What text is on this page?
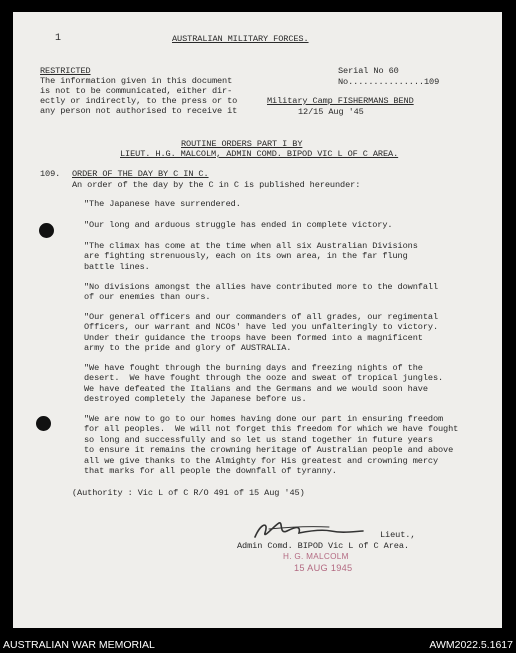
1	AUSTRALIAN MILITARY FORCES.
RESTRICTED
The information given in this document
is not to be communicated, either dir-
ectly or indirectly, to the press or to
any person not authorised to receive it
Serial No 60
No...............109
Military Camp FISHERMANS BEND
12/15 Aug '45
ROUTINE ORDERS PART I BY
LIEUT. H.G. MALCOLM, ADMIN COMD. BIPOD VIC L OF C AREA.
109. ORDER OF THE DAY BY C IN C.
An order of the day by the C in C is published hereunder:
"The Japanese have surrendered.
"Our long and arduous struggle has ended in complete victory.
"The climax has come at the time when all six Australian Divisions
are fighting strenuously, each on its own area, in the far flung
battle lines.
"No divisions amongst the allies have contributed more to the downfall
of our enemies than ours.
"Our general officers and our commanders of all grades, our regimental
Officers, our warrant and NCOs' have led you unfalteringly to victory.
Under their guidance the troops have been formed into a magnificent
army to the pride and glory of AUSTRALIA.
"We have fought through the burning days and freezing nights of the
desert.  We have fought through the ooze and sweat of tropical jungles.
We have defeated the Italians and the Germans and we would soon have
destroyed completely the Japanese before us.
"We are now to go to our homes having done our part in ensuring freedom
for all peoples.  We will not forget this freedom for which we have fought
so long and successfully and so let us stand together in future years
to ensure it remains the crowning heritage of Australian people and above
all we give thanks to the Almighty for His greatest and crowning mercy
that marks for all people the downfall of tyranny.
(Authority : Vic L of C R/O 491 of 15 Aug '45)
Lieut.,
Admin Comd. BIPOD Vic L of C Area.
H. G. MALCOLM
15 AUG 1945
AUSTRALIAN WAR MEMORIAL	AWM2022.5.1617
